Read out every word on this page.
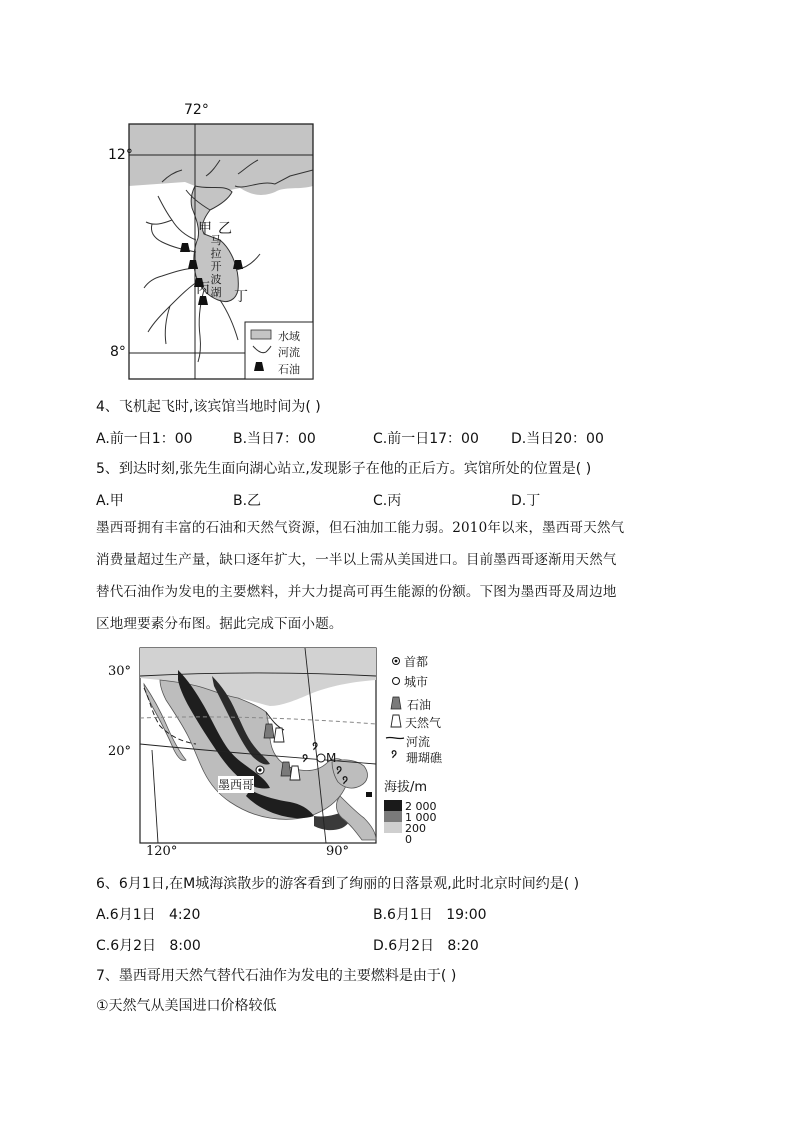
72°
12°
8°
甲 乙
丙 丁
马
拉
开
波
湖
水域
河流
石油
4、飞机起飞时,该宾馆当地时间为( )
A.前一日1：00	B.当日7：00	C.前一日17：00 D.当日20：00
5、到达时刻,张先生面向湖心站立,发现影子在他的正后方。宾馆所处的位置是( )
A.甲	B.乙	C.丙	D.丁
墨西哥拥有丰富的石油和天然气资源，但石油加工能力弱。2010年以来，墨西哥天然气
消费量超过生产量，缺口逐年扩大，一半以上需从美国进口。目前墨西哥逐渐用天然气
替代石油作为发电的主要燃料，并大力提高可再生能源的份额。下图为墨西哥及周边地
区地理要素分布图。据此完成下面小题。
30°
20°
120°	90°
墨西哥
M
首都
城市
石油
天然气
河流
珊瑚礁
海拔/m
2 000
1 000
200
0
6、6月1日,在M城海滨散步的游客看到了绚丽的日落景观,此时北京时间约是( )
A.6月1日   4:20	B.6月1日   19:00
C.6月2日   8:00	D.6月2日   8:20
7、墨西哥用天然气替代石油作为发电的主要燃料是由于( )
①天然气从美国进口价格较低
